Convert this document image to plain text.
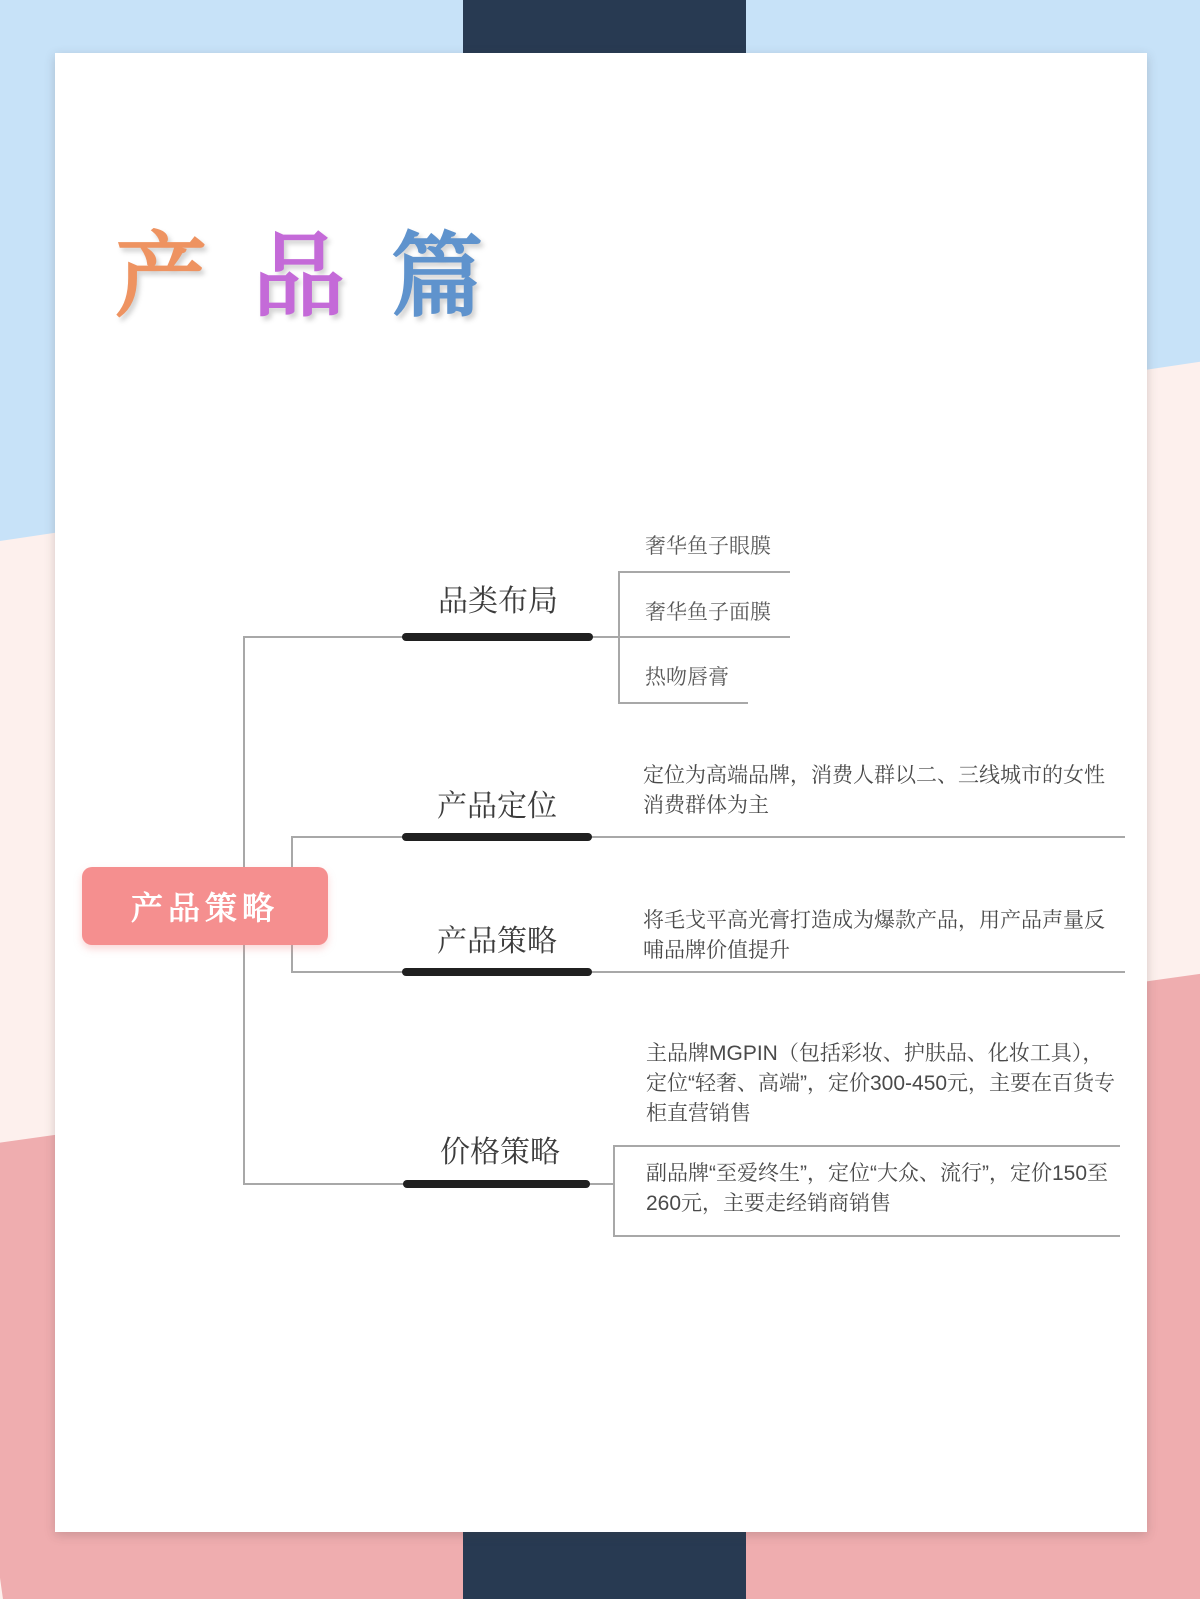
产品篇
产品策略
品类布局
奢华鱼子眼膜
奢华鱼子面膜
热吻唇膏
产品定位
定位为高端品牌，消费人群以二、三线城市的女性消费群体为主
产品策略
将毛戈平高光膏打造成为爆款产品，用产品声量反哺品牌价值提升
价格策略
主品牌MGPIN（包括彩妆、护肤品、化妆工具），定位“轻奢、高端”，定价300-450元，主要在百货专柜直营销售
副品牌“至爱终生”，定位“大众、流行”，定价150至260元，主要走经销商销售
